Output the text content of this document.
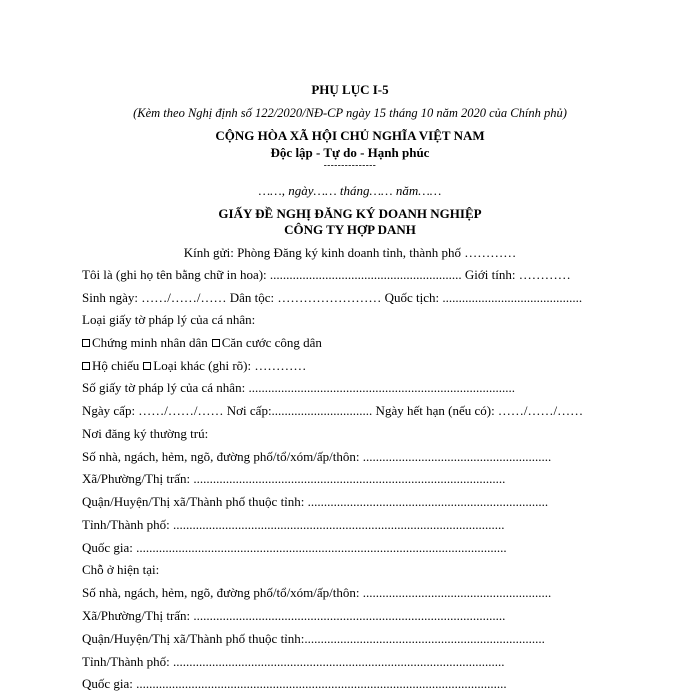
PHỤ LỤC I-5
(Kèm theo Nghị định số 122/2020/NĐ-CP ngày 15 tháng 10 năm 2020 của Chính phủ)
CỘNG HÒA XÃ HỘI CHỦ NGHĨA VIỆT NAM
Độc lập - Tự do - Hạnh phúc
---------------
……, ngày…… tháng…… năm……
GIẤY ĐỀ NGHỊ ĐĂNG KÝ DOANH NGHIỆP
CÔNG TY HỢP DANH
Kính gửi: Phòng Đăng ký kinh doanh tỉnh, thành phố …………
Tôi là (ghi họ tên bằng chữ in hoa): ........................................................... Giới tính: …………
Sinh ngày: ……/……/…… Dân tộc: …………………… Quốc tịch: ...........................................
Loại giấy tờ pháp lý của cá nhân:
Chứng minh nhân dân Căn cước công dân
Hộ chiếu Loại khác (ghi rõ): …………
Số giấy tờ pháp lý của cá nhân: ..................................................................................
Ngày cấp: ……/……/…… Nơi cấp:............................... Ngày hết hạn (nếu có): ……/……/……
Nơi đăng ký thường trú:
Số nhà, ngách, hẻm, ngõ, đường phố/tổ/xóm/ấp/thôn: ..........................................................
Xã/Phường/Thị trấn: ................................................................................................
Quận/Huyện/Thị xã/Thành phố thuộc tỉnh: ..........................................................................
Tỉnh/Thành phố: ......................................................................................................
Quốc gia: ..................................................................................................................
Chỗ ở hiện tại:
Số nhà, ngách, hẻm, ngõ, đường phố/tổ/xóm/ấp/thôn: ..........................................................
Xã/Phường/Thị trấn: ................................................................................................
Quận/Huyện/Thị xã/Thành phố thuộc tỉnh:..........................................................................
Tỉnh/Thành phố: ......................................................................................................
Quốc gia: ..................................................................................................................
